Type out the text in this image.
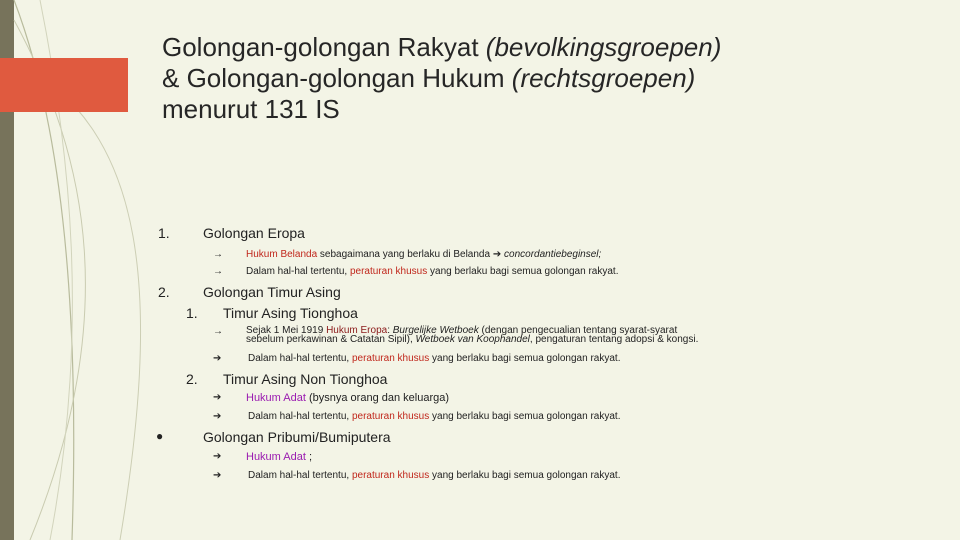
Golongan-golongan Rakyat (bevolkingsgroepen) & Golongan-golongan Hukum (rechtsgroepen) menurut 131 IS
1. Golongan Eropa
→ Hukum Belanda sebagaimana yang berlaku di Belanda ➔ concordantiebeginsel;
→ Dalam hal-hal tertentu, peraturan khusus yang berlaku bagi semua golongan rakyat.
2. Golongan Timur Asing
1. Timur Asing Tionghoa
→ Sejak 1 Mei 1919 Hukum Eropa: Burgelijke Wetboek (dengan pengecualian tentang syarat-syarat
sebelum perkawinan & Catatan Sipil), Wetboek van Koophandel, pengaturan tentang adopsi & kongsi.
➔	Dalam hal-hal tertentu, peraturan khusus yang berlaku bagi semua golongan rakyat.
2. Timur Asing Non Tionghoa
➔ Hukum Adat (bysnya orang dan keluarga)
➔	Dalam hal-hal tertentu, peraturan khusus yang berlaku bagi semua golongan rakyat.
●	Golongan Pribumi/Bumiputera
➔ Hukum Adat ;
➔	Dalam hal-hal tertentu, peraturan khusus yang berlaku bagi semua golongan rakyat.
